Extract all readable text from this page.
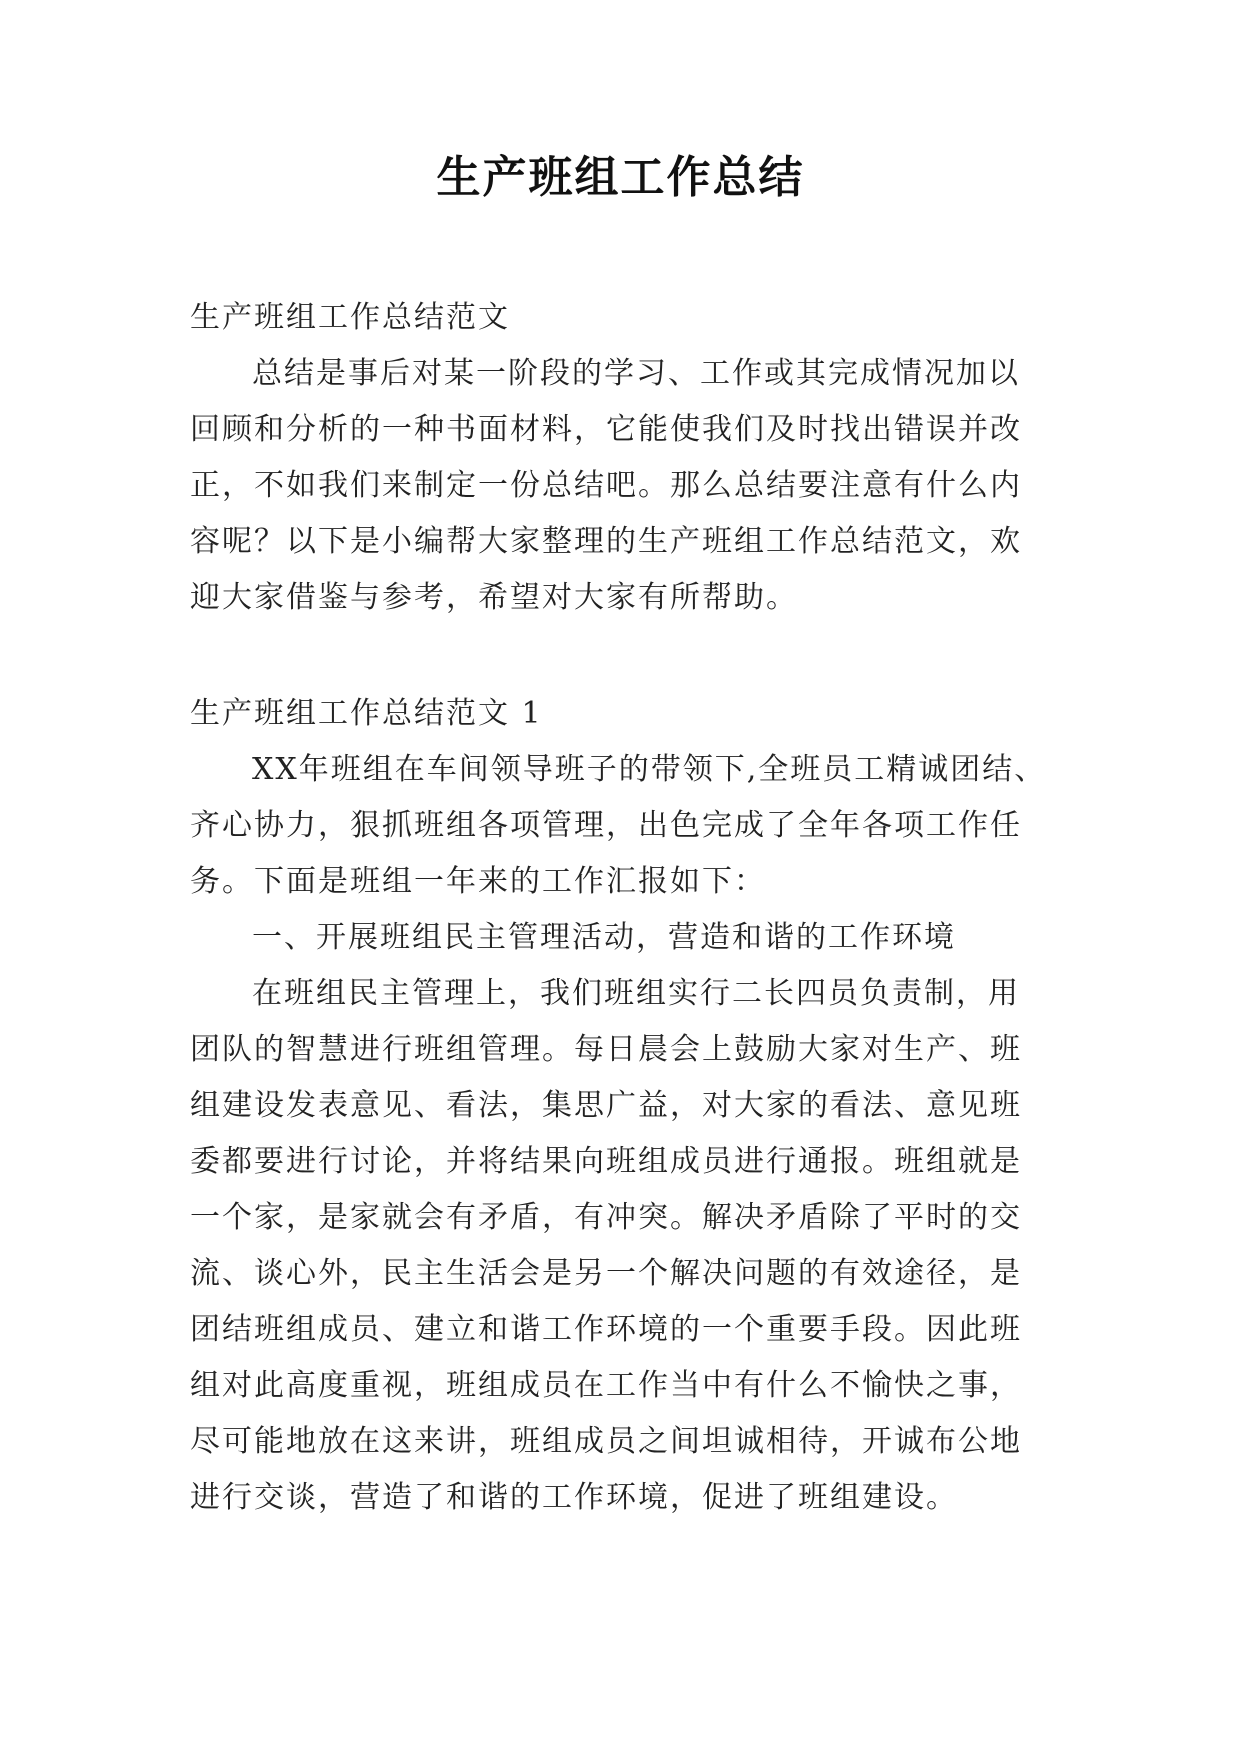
生产班组工作总结

生产班组工作总结范文

总结是事后对某一阶段的学习、工作或其完成情况加以回顾和分析的一种书面材料，它能使我们及时找出错误并改正，不如我们来制定一份总结吧。那么总结要注意有什么内容呢？以下是小编帮大家整理的生产班组工作总结范文，欢迎大家借鉴与参考，希望对大家有所帮助。

生产班组工作总结范文 1

XX年班组在车间领导班子的带领下,全班员工精诚团结、齐心协力，狠抓班组各项管理，出色完成了全年各项工作任务。下面是班组一年来的工作汇报如下：

一、开展班组民主管理活动，营造和谐的工作环境

在班组民主管理上，我们班组实行二长四员负责制，用团队的智慧进行班组管理。每日晨会上鼓励大家对生产、班组建设发表意见、看法，集思广益，对大家的看法、意见班委都要进行讨论，并将结果向班组成员进行通报。班组就是一个家，是家就会有矛盾，有冲突。解决矛盾除了平时的交流、谈心外，民主生活会是另一个解决问题的有效途径，是团结班组成员、建立和谐工作环境的一个重要手段。因此班组对此高度重视，班组成员在工作当中有什么不愉快之事，尽可能地放在这来讲，班组成员之间坦诚相待，开诚布公地进行交谈，营造了和谐的工作环境，促进了班组建设。
